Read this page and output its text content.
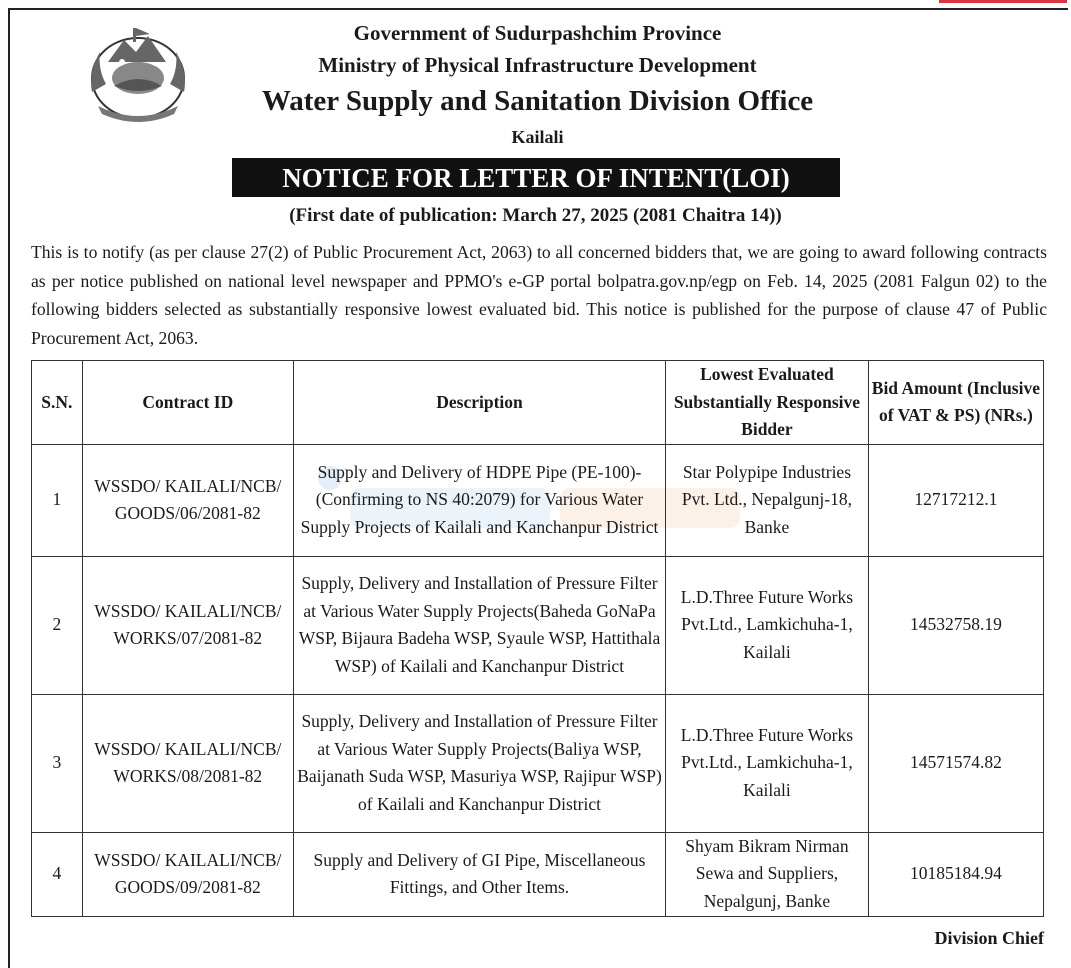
Government of Sudurpashchim Province
Ministry of Physical Infrastructure Development
Water Supply and Sanitation Division Office
Kailali
NOTICE FOR LETTER OF INTENT(LOI)
(First date of publication: March 27, 2025 (2081 Chaitra 14))

This is to notify (as per clause 27(2) of Public Procurement Act, 2063) to all concerned bidders that, we are going to award following contracts as per notice published on national level newspaper and PPMO's e-GP portal bolpatra.gov.np/egp on Feb. 14, 2025 (2081 Falgun 02) to the following bidders selected as substantially responsive lowest evaluated bid. This notice is published for the purpose of clause 47 of Public Procurement Act, 2063.

S.N.	Contract ID	Description	Lowest Evaluated Substantially Responsive Bidder	Bid Amount (Inclusive of VAT & PS) (NRs.)
1	WSSDO/ KAILALI/NCB/ GOODS/06/2081-82	Supply and Delivery of HDPE Pipe (PE-100)-(Confirming to NS 40:2079) for Various Water Supply Projects of Kailali and Kanchanpur District	Star Polypipe Industries Pvt. Ltd., Nepalgunj-18, Banke	12717212.1
2	WSSDO/ KAILALI/NCB/ WORKS/07/2081-82	Supply, Delivery and Installation of Pressure Filter at Various Water Supply Projects(Baheda GoNaPa WSP, Bijaura Badeha WSP, Syaule WSP, Hattithala WSP) of Kailali and Kanchanpur District	L.D.Three Future Works Pvt.Ltd., Lamkichuha-1, Kailali	14532758.19
3	WSSDO/ KAILALI/NCB/ WORKS/08/2081-82	Supply, Delivery and Installation of Pressure Filter at Various Water Supply Projects(Baliya WSP, Baijanath Suda WSP, Masuriya WSP, Rajipur WSP) of Kailali and Kanchanpur District	L.D.Three Future Works Pvt.Ltd., Lamkichuha-1, Kailali	14571574.82
4	WSSDO/ KAILALI/NCB/ GOODS/09/2081-82	Supply and Delivery of GI Pipe, Miscellaneous Fittings, and Other Items.	Shyam Bikram Nirman Sewa and Suppliers, Nepalgunj, Banke	10185184.94
Division Chief
